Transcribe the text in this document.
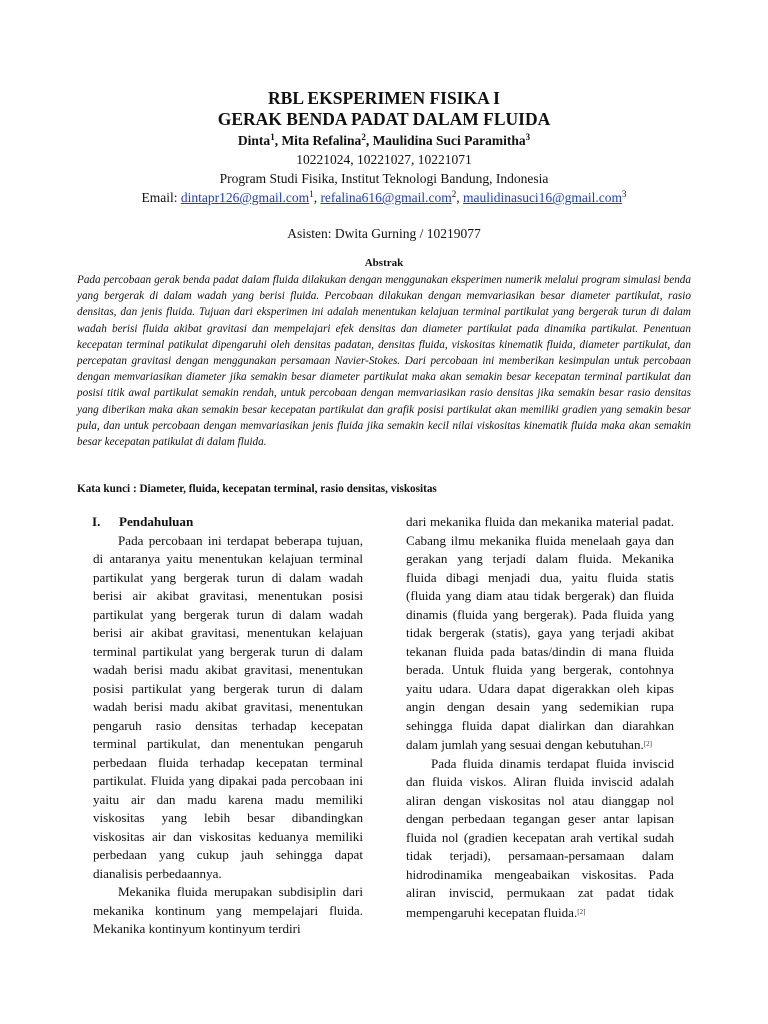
RBL EKSPERIMEN FISIKA I
GERAK BENDA PADAT DALAM FLUIDA
Dinta$^1$, Mita Refalina$^2$, Maulidina Suci Paramitha$^3$
10221024, 10221027, 10221071
Program Studi Fisika, Institut Teknologi Bandung, Indonesia
Email: dintapr126@gmail.com$^1$, refalina616@gmail.com$^2$, maulidinasuci16@gmail.com$^3$
Asisten: Dwita Gurning / 10219077
Abstrak
Pada percobaan gerak benda padat dalam fluida dilakukan dengan menggunakan eksperimen numerik melalui program simulasi benda yang bergerak di dalam wadah yang berisi fluida. Percobaan dilakukan dengan memvariasikan besar diameter partikulat, rasio densitas, dan jenis fluida. Tujuan dari eksperimen ini adalah menentukan kelajuan terminal partikulat yang bergerak turun di dalam wadah berisi fluida akibat gravitasi dan mempelajari efek densitas dan diameter partikulat pada dinamika partikulat. Penentuan kecepatan terminal patikulat dipengaruhi oleh densitas padatan, densitas fluida, viskositas kinematik fluida, diameter partikulat, dan percepatan gravitasi dengan menggunakan persamaan Navier-Stokes. Dari percobaan ini memberikan kesimpulan untuk percobaan dengan memvariasikan diameter jika semakin besar diameter partikulat maka akan semakin besar kecepatan terminal partikulat dan posisi titik awal partikulat semakin rendah, untuk percobaan dengan memvariasikan rasio densitas jika semakin besar rasio densitas yang diberikan maka akan semakin besar kecepatan partikulat dan grafik posisi partikulat akan memiliki gradien yang semakin besar pula, dan untuk percobaan dengan memvariasikan jenis fluida jika semakin kecil nilai viskositas kinematik fluida maka akan semakin besar kecepatan patikulat di dalam fluida.
Kata kunci : Diameter, fluida, kecepatan terminal, rasio densitas, viskositas
I.	Pendahuluan

Pada percobaan ini terdapat beberapa tujuan, di antaranya yaitu menentukan kelajuan terminal partikulat yang bergerak turun di dalam wadah berisi air akibat gravitasi, menentukan posisi partikulat yang bergerak turun di dalam wadah berisi air akibat gravitasi, menentukan kelajuan terminal partikulat yang bergerak turun di dalam wadah berisi madu akibat gravitasi, menentukan posisi partikulat yang bergerak turun di dalam wadah berisi madu akibat gravitasi, menentukan pengaruh rasio densitas terhadap kecepatan terminal partikulat, dan menentukan pengaruh perbedaan fluida terhadap kecepatan terminal partikulat. Fluida yang dipakai pada percobaan ini yaitu air dan madu karena madu memiliki viskositas yang lebih besar dibandingkan viskositas air dan viskositas keduanya memiliki perbedaan yang cukup jauh sehingga dapat dianalisis perbedaannya.

Mekanika fluida merupakan subdisiplin dari mekanika kontinum yang mempelajari fluida. Mekanika kontinyum kontinyum terdiri

dari mekanika fluida dan mekanika material padat. Cabang ilmu mekanika fluida menelaah gaya dan gerakan yang terjadi dalam fluida. Mekanika fluida dibagi menjadi dua, yaitu fluida statis (fluida yang diam atau tidak bergerak) dan fluida dinamis (fluida yang bergerak). Pada fluida yang tidak bergerak (statis), gaya yang terjadi akibat tekanan fluida pada batas/dindin di mana fluida berada. Untuk fluida yang bergerak, contohnya yaitu udara. Udara dapat digerakkan oleh kipas angin dengan desain yang sedemikian rupa sehingga fluida dapat dialirkan dan diarahkan dalam jumlah yang sesuai dengan kebutuhan.[2]

Pada fluida dinamis terdapat fluida inviscid dan fluida viskos. Aliran fluida inviscid adalah aliran dengan viskositas nol atau dianggap nol dengan perbedaan tegangan geser antar lapisan fluida nol (gradien kecepatan arah vertikal sudah tidak terjadi), persamaan-persamaan dalam hidrodinamika mengeabaikan viskositas. Pada aliran inviscid, permukaan zat padat tidak mempengaruhi kecepatan fluida.[2]
